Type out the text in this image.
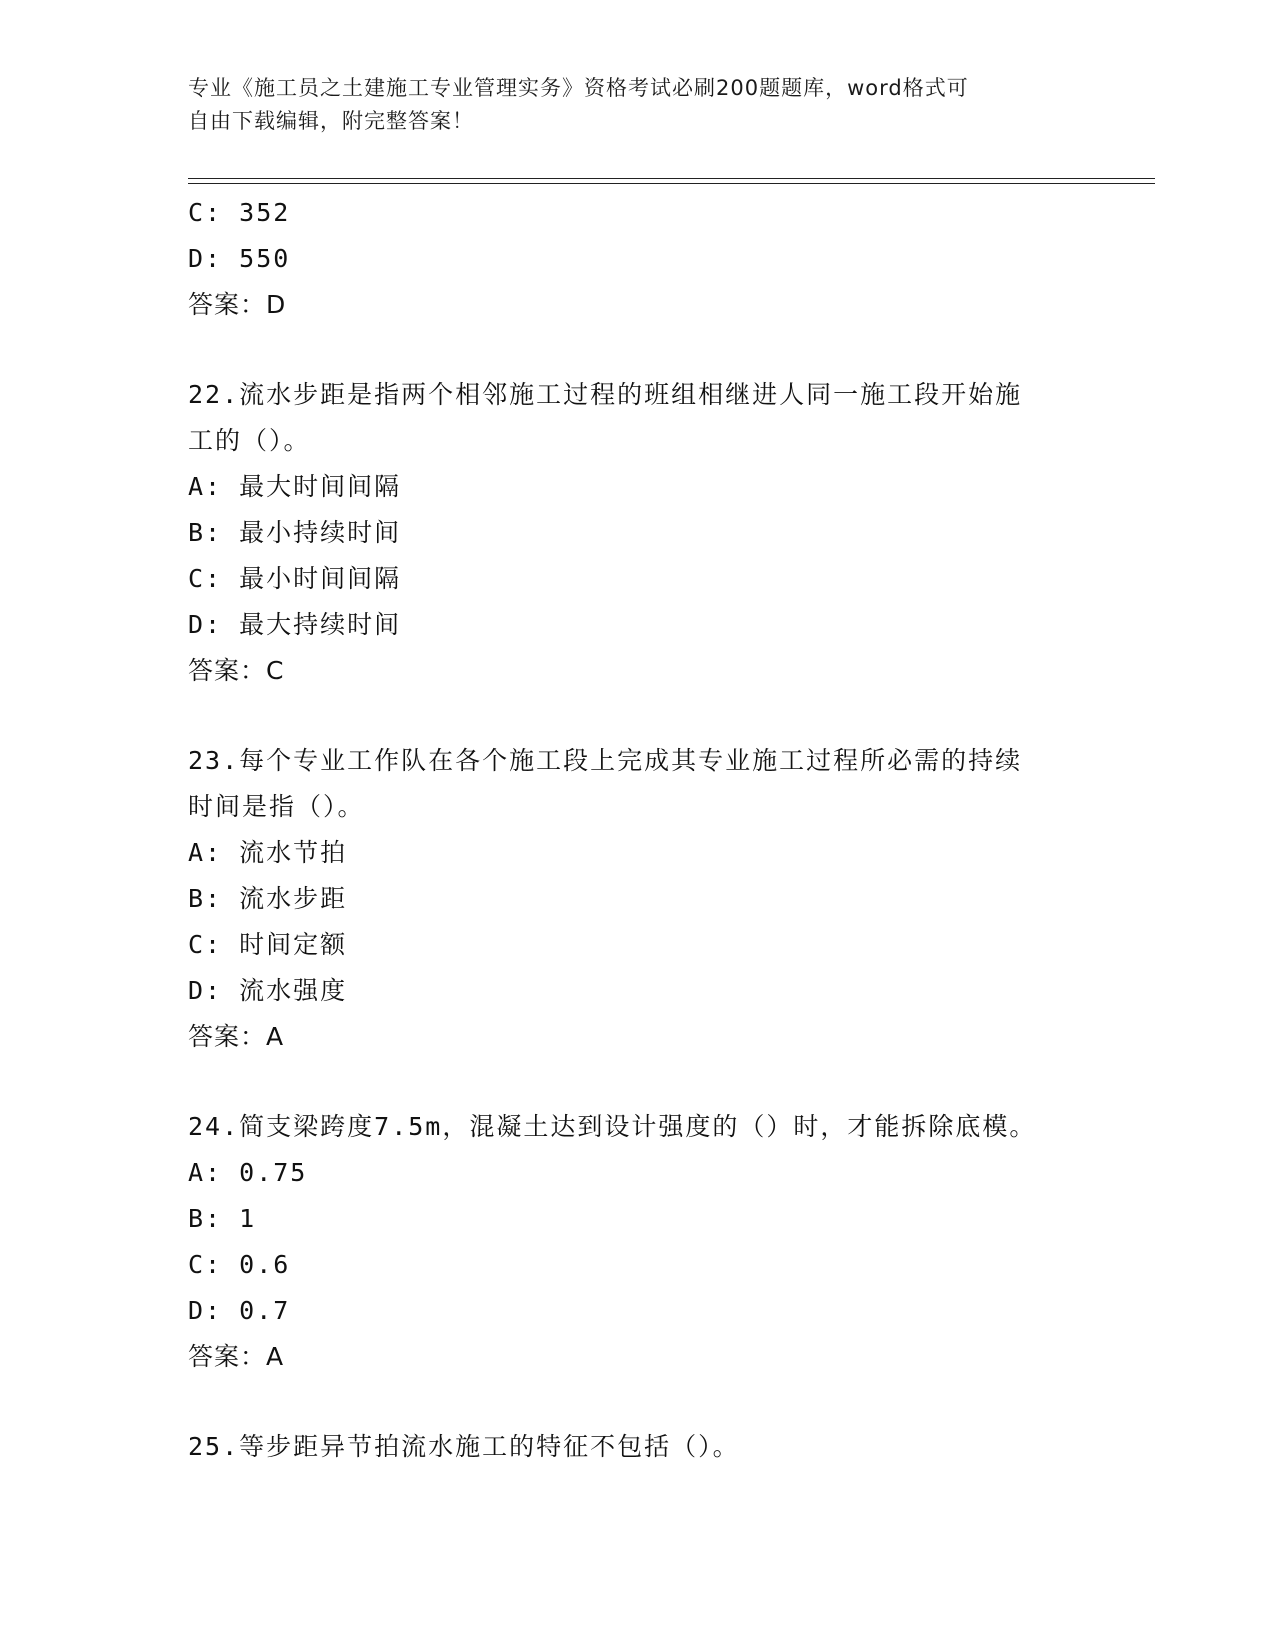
专业《施工员之土建施工专业管理实务》资格考试必刷200题题库，word格式可
自由下载编辑，附完整答案！
C: 352
D: 550
答案：D
22.流水步距是指两个相邻施工过程的班组相继进人同一施工段开始施
工的（）。
A: 最大时间间隔
B: 最小持续时间
C: 最小时间间隔
D: 最大持续时间
答案：C
23.每个专业工作队在各个施工段上完成其专业施工过程所必需的持续
时间是指（）。
A: 流水节拍
B: 流水步距
C: 时间定额
D: 流水强度
答案：A
24.简支梁跨度7.5m，混凝土达到设计强度的（）时，才能拆除底模。
A: 0.75
B: 1
C: 0.6
D: 0.7
答案：A
25.等步距异节拍流水施工的特征不包括（）。
